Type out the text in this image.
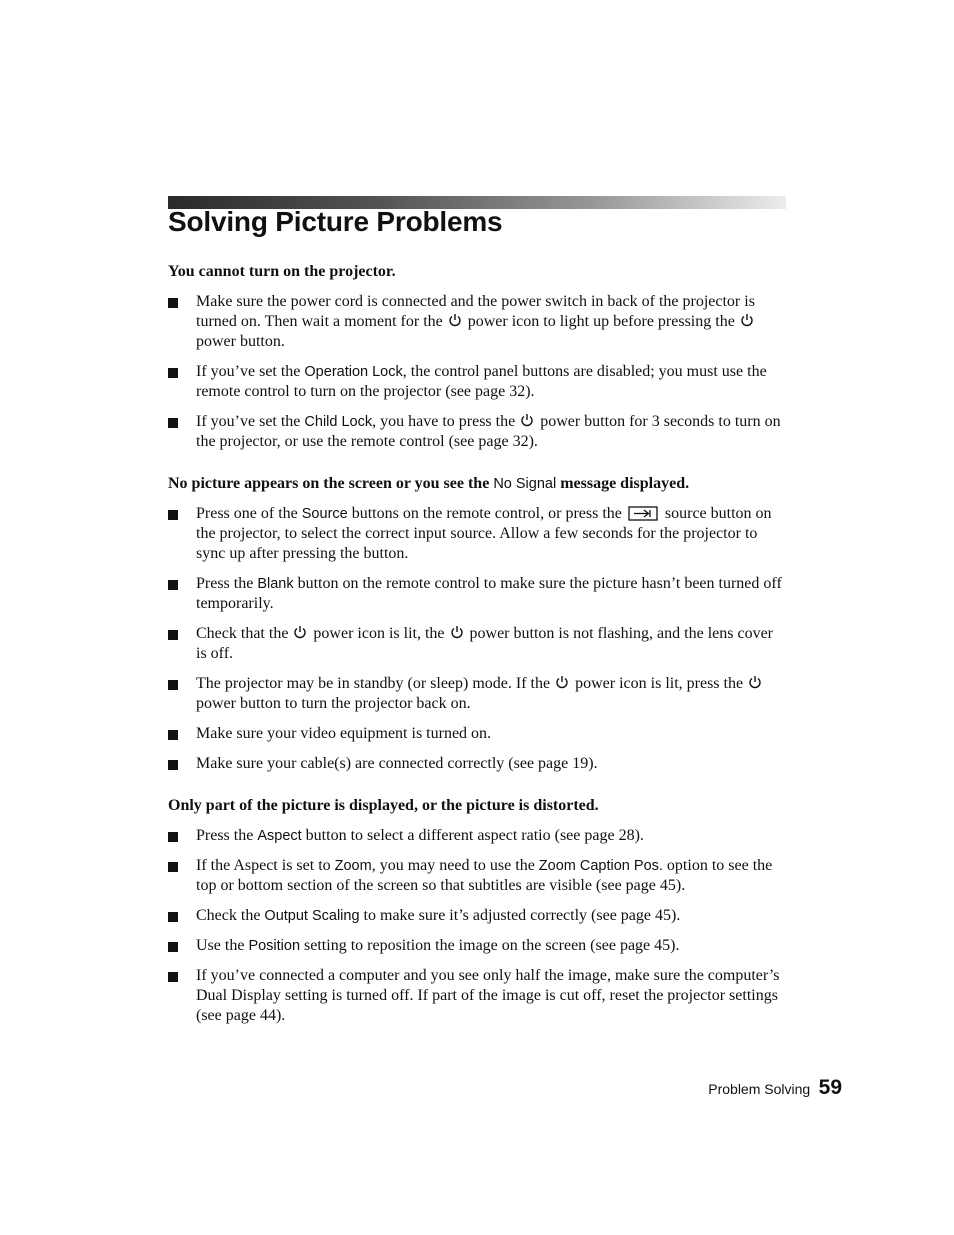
Solving Picture Problems

You cannot turn on the projector.

Make sure the power cord is connected and the power switch in back of the projector is turned on. Then wait a moment for the power icon to light up before pressing the  power button.
If you’ve set the Operation Lock, the control panel buttons are disabled; you must use the remote control to turn on the projector (see page 32).
If you’ve set the Child Lock, you have to press the power button for 3 seconds to turn on the projector, or use the remote control (see page 32).

No picture appears on the screen or you see the No Signal message displayed.

Press one of the Source buttons on the remote control, or press the	source button on the projector, to select the correct input source. Allow a few seconds for the projector to sync up after pressing the button.
Press the Blank button on the remote control to make sure the picture hasn’t been turned off temporarily.
Check that the power icon is lit, the power button is not flashing, and the lens cover is off.
The projector may be in standby (or sleep) mode. If the power icon is lit, press the  power button to turn the projector back on.
Make sure your video equipment is turned on.
Make sure your cable(s) are connected correctly (see page 19).

Only part of the picture is displayed, or the picture is distorted.

Press the Aspect button to select a different aspect ratio (see page 28).
If the Aspect is set to Zoom, you may need to use the Zoom Caption Pos. option to see the top or bottom section of the screen so that subtitles are visible (see page 45).
Check the Output Scaling to make sure it’s adjusted correctly (see page 45).
Use the Position setting to reposition the image on the screen (see page 45).
If you’ve connected a computer and you see only half the image, make sure the computer’s Dual Display setting is turned off. If part of the image is cut off, reset the projector settings (see page 44).
Problem Solving 59
